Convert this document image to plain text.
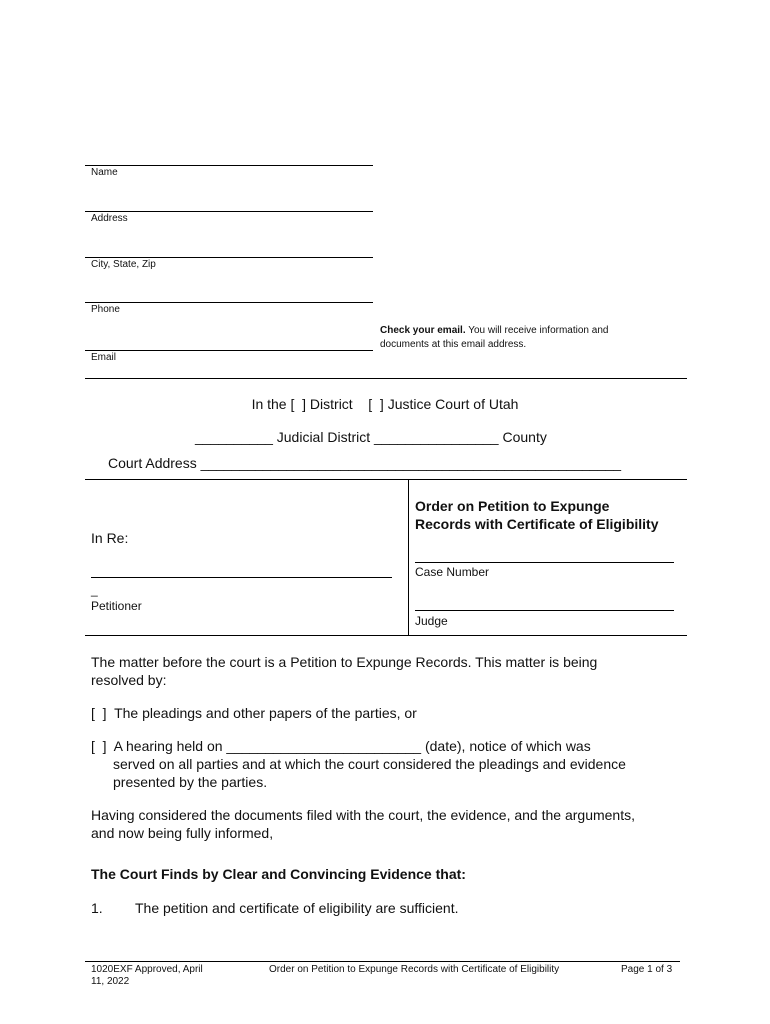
Name
Address
City, State, Zip
Phone
Email
Check your email. You will receive information and
documents at this email address.
In the [  ] District    [  ] Justice Court of Utah
__________ Judicial District ________________ County
Court Address ______________________________________________________
In Re:
_
Petitioner
Order on Petition to Expunge
Records with Certificate of Eligibility
Case Number
Judge
The matter before the court is a Petition to Expunge Records. This matter is being
resolved by:
[  ]  The pleadings and other papers of the parties, or
[  ]  A hearing held on _________________________ (date), notice of which was
served on all parties and at which the court considered the pleadings and evidence
presented by the parties.
Having considered the documents filed with the court, the evidence, and the arguments,
and now being fully informed,
The Court Finds by Clear and Convincing Evidence that:
1. The petition and certificate of eligibility are sufficient.
1020EXF Approved, April
11, 2022
Order on Petition to Expunge Records with Certificate of Eligibility	Page 1 of 3
